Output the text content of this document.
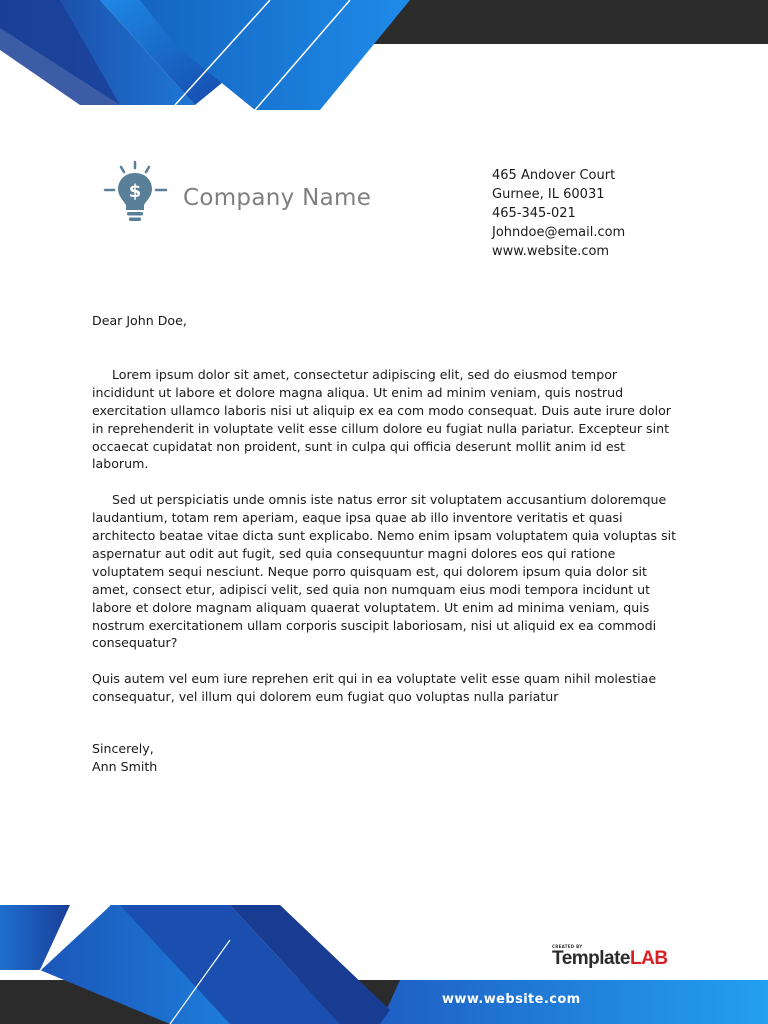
$ Company Name
465 Andover Court
Gurnee, IL 60031
465-345-021
Johndoe@email.com
www.website.com

Dear John Doe,

Lorem ipsum dolor sit amet, consectetur adipiscing elit, sed do eiusmod tempor incididunt ut labore et dolore magna aliqua. Ut enim ad minim veniam, quis nostrud exercitation ullamco laboris nisi ut aliquip ex ea com modo consequat. Duis aute irure dolor in reprehenderit in voluptate velit esse cillum dolore eu fugiat nulla pariatur. Excepteur sint occaecat cupidatat non proident, sunt in culpa qui officia deserunt mollit anim id est laborum.

Sed ut perspiciatis unde omnis iste natus error sit voluptatem accusantium doloremque laudantium, totam rem aperiam, eaque ipsa quae ab illo inventore veritatis et quasi architecto beatae vitae dicta sunt explicabo. Nemo enim ipsam voluptatem quia voluptas sit aspernatur aut odit aut fugit, sed quia consequuntur magni dolores eos qui ratione voluptatem sequi nesciunt. Neque porro quisquam est, qui dolorem ipsum quia dolor sit amet, consect etur, adipisci velit, sed quia non numquam eius modi tempora incidunt ut labore et dolore magnam aliquam quaerat voluptatem. Ut enim ad minima veniam, quis nostrum exercitationem ullam corporis suscipit laboriosam, nisi ut aliquid ex ea commodi consequatur?

Quis autem vel eum iure reprehen erit qui in ea voluptate velit esse quam nihil molestiae consequatur, vel illum qui dolorem eum fugiat quo voluptas nulla pariatur

Sincerely,

Ann Smith

CREATED BY
TemplateLAB
www.website.com
